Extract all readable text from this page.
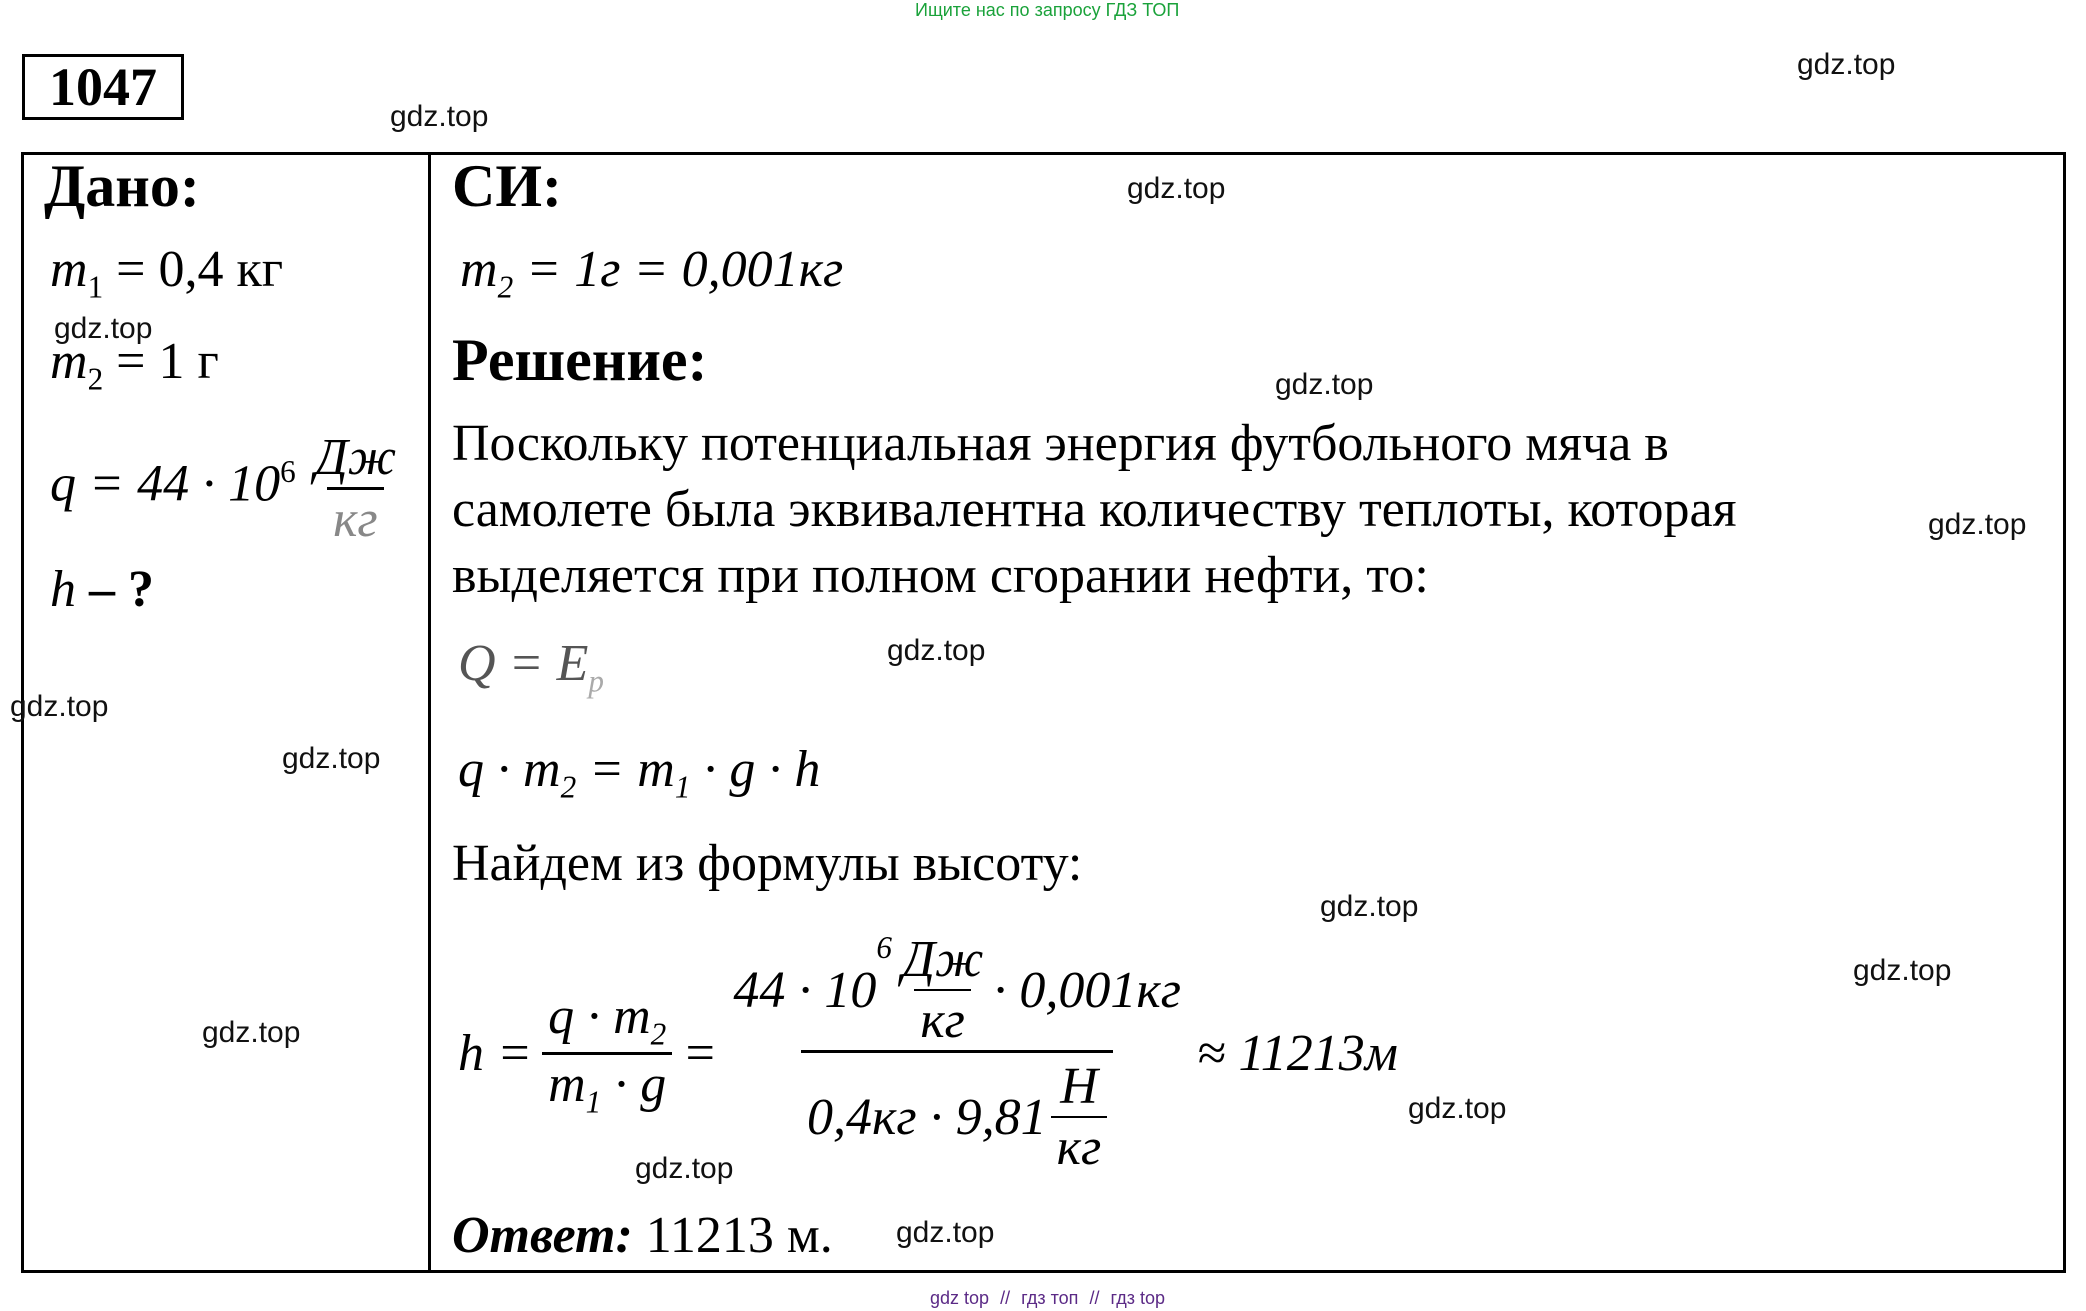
Ищите нас по запросу ГДЗ ТОП
1047
Дано:
$m_1 = 0,4$ кг
$m_2 = 1$ г
$q = 44 \cdot 10^6 \frac{Дж}{кг}$
h – ?
СИ:
$m_2 = 1г = 0,001кг$
Решение:
Поскольку потенциальная энергия футбольного мяча в
самолете была эквивалентна количеству теплоты, которая
выделяется при полном сгорании нефти, то:
$Q = E_p$
$q \cdot m_2 = m_1 \cdot g \cdot h$
Найдем из формулы высоту:
$h = \frac{q \cdot m_2}{m_1 \cdot g}$ =
44 · 10
$^6 \frac{Дж}{кг} \cdot 0,001кг$
$0,4кг \cdot 9,81 \frac{Н}{кг}$
≈ 11213м
Ответ: 11213 м.
gdz.top
gdz.top
gdz.top
gdz.top
gdz.top
gdz.top
gdz.top
gdz.top
gdz.top
gdz.top
gdz.top
gdz.top
gdz.top
gdz.top
gdz.top
gdz top // гдз топ // гдз top
